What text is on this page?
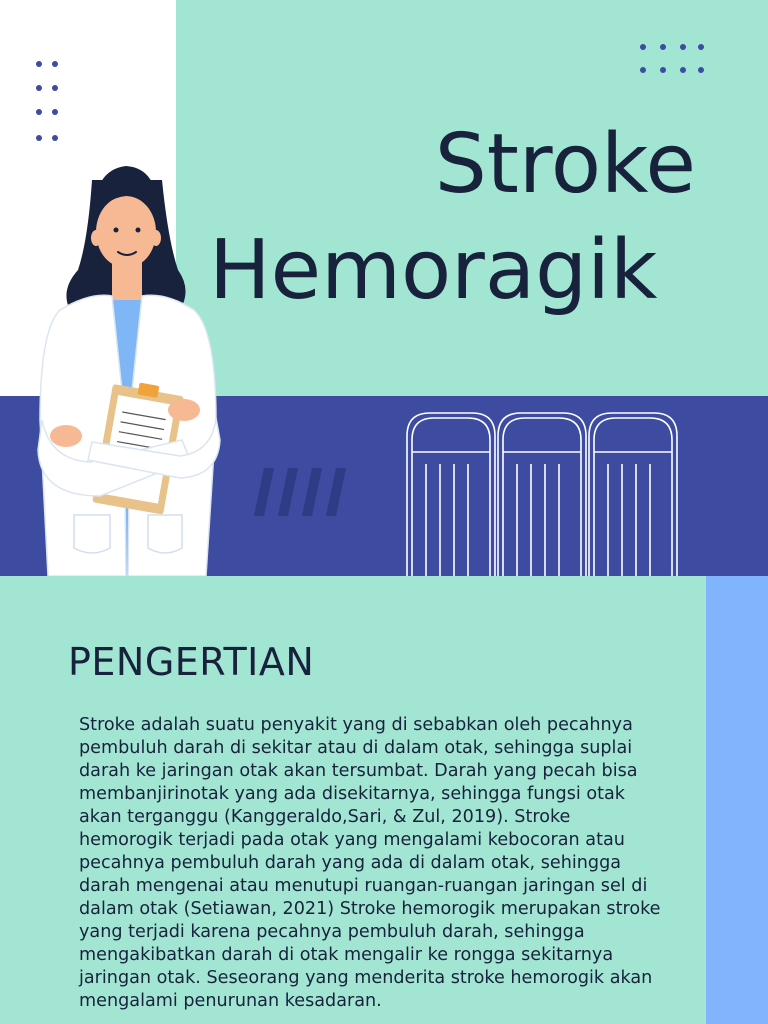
Stroke
Hemoragik
PENGERTIAN
Stroke adalah suatu penyakit yang di sebabkan oleh pecahnya pembuluh darah di sekitar atau di dalam otak, sehingga suplai darah ke jaringan otak akan tersumbat. Darah yang pecah bisa membanjirinotak yang ada disekitarnya, sehingga fungsi otak akan terganggu (Kanggeraldo,Sari, & Zul, 2019). Stroke hemorogik terjadi pada otak yang mengalami kebocoran atau pecahnya pembuluh darah yang ada di dalam otak, sehingga darah mengenai atau menutupi ruangan-ruangan jaringan sel di dalam otak (Setiawan, 2021) Stroke hemorogik merupakan stroke yang terjadi karena pecahnya pembuluh darah, sehingga mengakibatkan darah di otak mengalir ke rongga sekitarnya jaringan otak. Seseorang yang menderita stroke hemorogik akan mengalami penurunan kesadaran.
